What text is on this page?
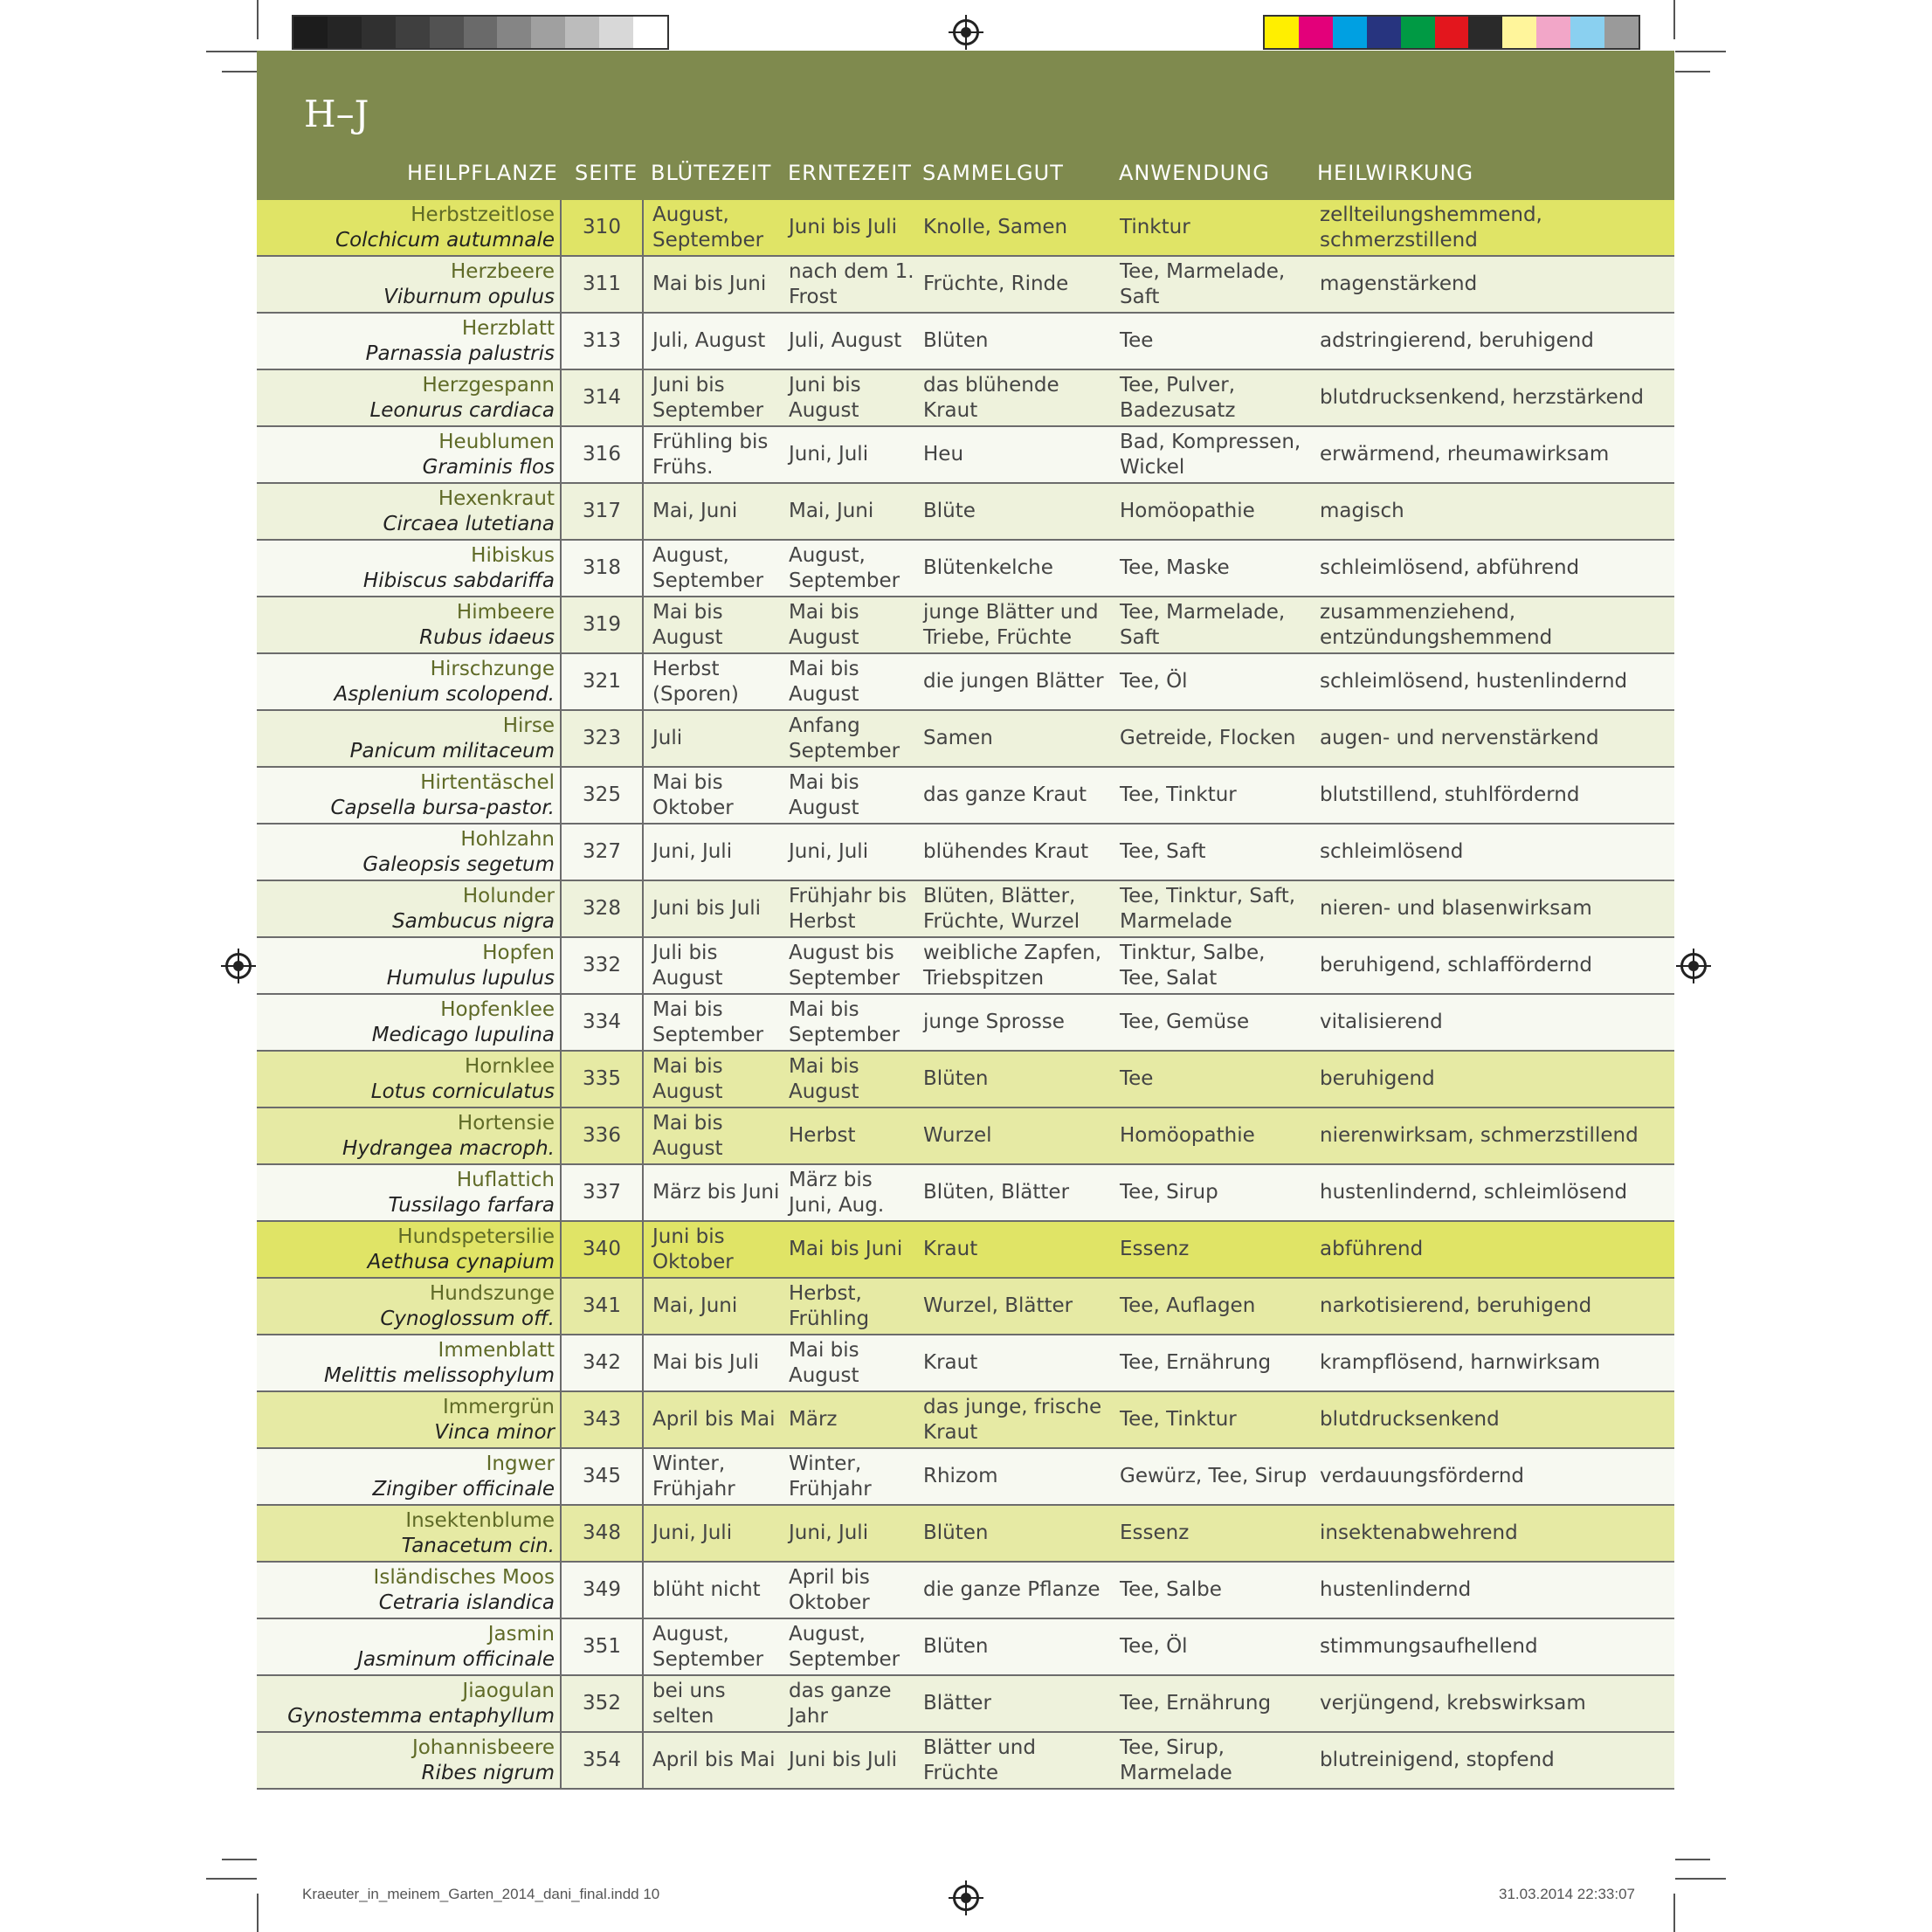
H–J
HEILPFLANZE SEITE BLÜTEZEIT ERNTEZEIT SAMMELGUT	ANWENDUNG HEILWIRKUNG
Herbstzeitlose
Colchicum autumnale	310	August, September	Juni bis Juli	Knolle, Samen	Tinktur	zellteilungshemmend, schmerzstillend	

Herzbeere
Viburnum opulus	311	Mai bis Juni	nach dem 1. Frost	Früchte, Rinde	Tee, Marmelade, Saft	magenstärkend	

Herzblatt
Parnassia palustris	313	Juli, August	Juli, August	Blüten	Tee	adstringierend, beruhigend	

Herzgespann
Leonurus cardiaca	314	Juni bis September	Juni bis August	das blühende Kraut	Tee, Pulver, Badezusatz	blutdrucksenkend, herzstärkend	

Heublumen
Graminis flos	316	Frühling bis Frühs.	Juni, Juli	Heu	Bad, Kompressen, Wickel	erwärmend, rheumawirksam	

Hexenkraut
Circaea lutetiana	317	Mai, Juni	Mai, Juni	Blüte	Homöopathie	magisch	

Hibiskus
Hibiscus sabdariffa	318	August, September	August, September	Blütenkelche	Tee, Maske	schleimlösend, abführend	

Himbeere
Rubus idaeus	319	Mai bis August	Mai bis August	junge Blätter und Triebe, Früchte	Tee, Marmelade, Saft	zusammenziehend, entzündungshemmend	

Hirschzunge
Asplenium scolopend.	321	Herbst (Sporen)	Mai bis August	die jungen Blätter	Tee, Öl	schleimlösend, hustenlindernd	

Hirse
Panicum militaceum	323	Juli	Anfang September	Samen	Getreide, Flocken	augen- und nervenstärkend	

Hirtentäschel
Capsella bursa-pastor.	325	Mai bis Oktober	Mai bis August	das ganze Kraut	Tee, Tinktur	blutstillend, stuhlfördernd	

Hohlzahn
Galeopsis segetum	327	Juni, Juli	Juni, Juli	blühendes Kraut	Tee, Saft	schleimlösend	

Holunder
Sambucus nigra	328	Juni bis Juli	Frühjahr bis Herbst	Blüten, Blätter, Früchte, Wurzel	Tee, Tinktur, Saft, Marmelade	nieren- und blasenwirksam	

Hopfen
Humulus lupulus	332	Juli bis August	August bis September	weibliche Zapfen, Triebspitzen	Tinktur, Salbe, Tee, Salat	beruhigend, schlaffördernd	

Hopfenklee
Medicago lupulina	334	Mai bis September	Mai bis September	junge Sprosse	Tee, Gemüse	vitalisierend	

Hornklee
Lotus corniculatus	335	Mai bis August	Mai bis August	Blüten	Tee	beruhigend	

Hortensie
Hydrangea macroph.	336	Mai bis August	Herbst	Wurzel	Homöopathie	nierenwirksam, schmerzstillend	

Huflattich
Tussilago farfara	337	März bis Juni	März bis Juni, Aug.	Blüten, Blätter	Tee, Sirup	hustenlindernd, schleimlösend	

Hundspetersilie
Aethusa cynapium	340	Juni bis Oktober	Mai bis Juni	Kraut	Essenz	abführend	

Hundszunge
Cynoglossum off.	341	Mai, Juni	Herbst, Frühling	Wurzel, Blätter	Tee, Auflagen	narkotisierend, beruhigend	

Immenblatt
Melittis melissophylum	342	Mai bis Juli	Mai bis August	Kraut	Tee, Ernährung	krampflösend, harnwirksam	

Immergrün
Vinca minor	343	April bis Mai	März	das junge, frische Kraut	Tee, Tinktur	blutdrucksenkend	

Ingwer
Zingiber officinale	345	Winter, Frühjahr	Winter, Frühjahr	Rhizom	Gewürz, Tee, Sirup	verdauungsfördernd	

Insektenblume
Tanacetum cin.	348	Juni, Juli	Juni, Juli	Blüten	Essenz	insektenabwehrend	

Isländisches Moos
Cetraria islandica	349	blüht nicht	April bis Oktober	die ganze Pflanze	Tee, Salbe	hustenlindernd	

Jasmin
Jasminum officinale	351	August, September	August, September	Blüten	Tee, Öl	stimmungsaufhellend	

Jiaogulan
Gynostemma entaphyllum	352	bei uns selten	das ganze Jahr	Blätter	Tee, Ernährung	verjüngend, krebswirksam	

Johannisbeere
Ribes nigrum	354	April bis Mai	Juni bis Juli	Blätter und Früchte	Tee, Sirup, Marmelade	blutreinigend, stopfend	
Kraeuter_in_meinem_Garten_2014_dani_final.indd 10	31.03.2014 22:33:07
